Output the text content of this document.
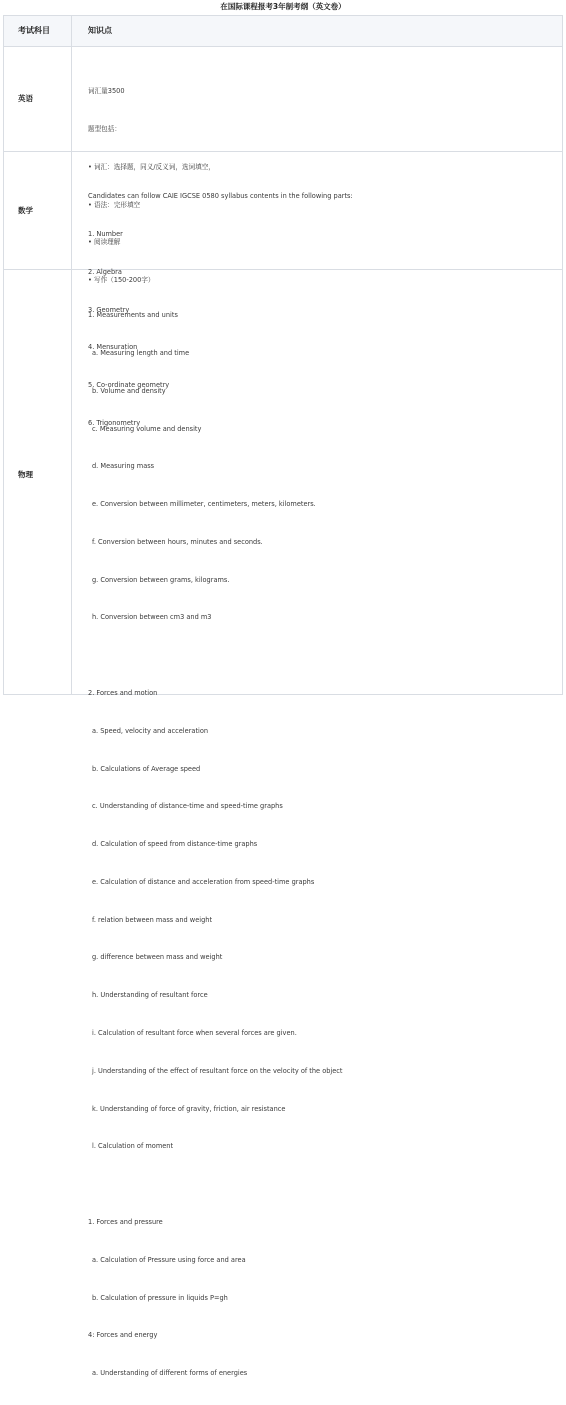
在国际课程报考3年制考纲（英文卷）
考试科目	知识点
英语

词汇量3500

题型包括：

• 词汇：选择题，同义/反义词，选词填空，

• 语法：完形填空

• 阅读理解

• 写作（150-200字）

数学

Candidates can follow CAIE IGCSE 0580 syllabus contents in the following parts:

1. Number

2. Algebra

3. Geometry

4. Mensuration

5. Co-ordinate geometry

6. Trigonometry

物理

1. Measurements and units

a. Measuring length and time

b. Volume and density

c. Measuring volume and density

d. Measuring mass

e. Conversion between millimeter, centimeters, meters, kilometers.

f. Conversion between hours, minutes and seconds.

g. Conversion between grams, kilograms.

h. Conversion between cm3 and m3

2. Forces and motion

a. Speed, velocity and acceleration

b. Calculations of Average speed

c. Understanding of distance-time and speed-time graphs

d. Calculation of speed from distance-time graphs

e. Calculation of distance and acceleration from speed-time graphs

f. relation between mass and weight

g. difference between mass and weight

h. Understanding of resultant force

i. Calculation of resultant force when several forces are given.

j. Understanding of the effect of resultant force on the velocity of the object

k. Understanding of force of gravity, friction, air resistance

l. Calculation of moment

1. Forces and pressure

a. Calculation of Pressure using force and area

b. Calculation of pressure in liquids P=gh

4: Forces and energy

a. Understanding of different forms of energies
